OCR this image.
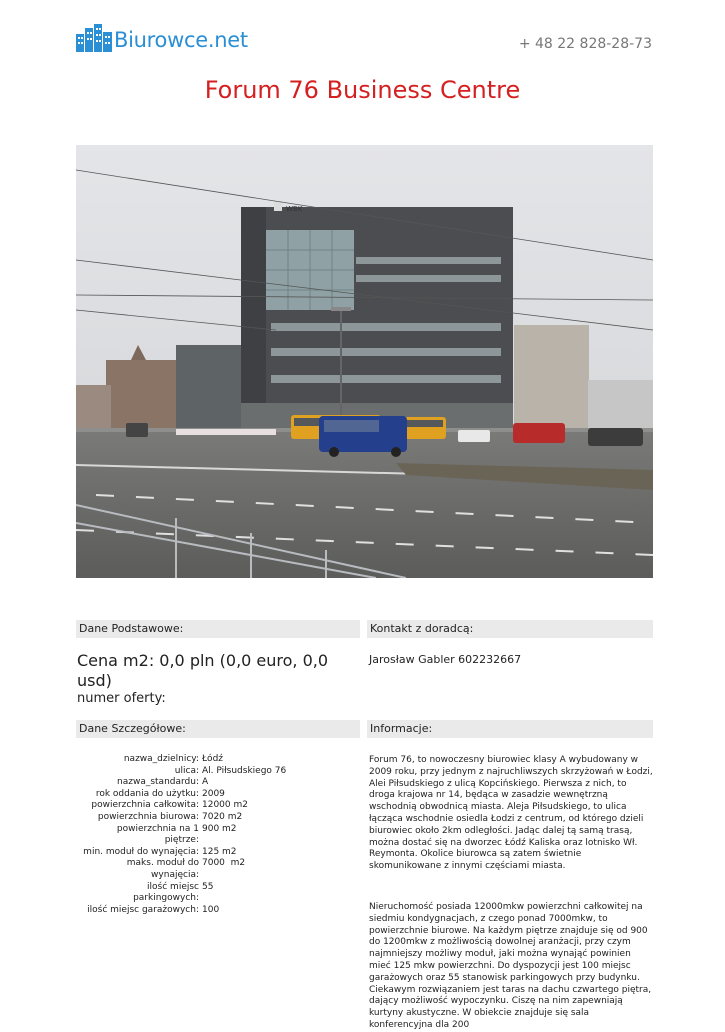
Biurowce.net	+ 48 22 828-28-73
Forum 76 Business Centre
WBK
Dane Podstawowe:	Kontakt z doradcą:
Cena m2: 0,0 pln (0,0 euro, 0,0 usd)
numer oferty:
Jarosław Gabler 602232667
Dane Szczegółowe:	Informacje:
nazwa_dzielnicy: Łódź
ulica: Al. Piłsudskiego 76
nazwa_standardu: A
rok oddania do użytku: 2009
powierzchnia całkowita: 12000 m2
powierzchnia biurowa: 7020 m2
powierzchnia na 1 piętrze:
900 m2
min. moduł do wynajęcia: 125 m2
maks. moduł do wynajęcia:
7000  m2
ilość miejsc parkingowych:
55
ilość miejsc garażowych: 100

Forum 76, to nowoczesny biurowiec klasy A wybudowany w 2009 roku, przy jednym z najruchliwszych skrzyżowań w Łodzi, Alei Piłsudskiego z ulicą Kopcińskiego. Pierwsza z nich, to droga krajowa nr 14, będąca w zasadzie wewnętrzną wschodnią obwodnicą miasta. Aleja Piłsudskiego, to ulica łącząca wschodnie osiedla Łodzi z centrum, od którego dzieli biurowiec około 2km odległości. Jadąc dalej tą samą trasą, można dostać się na dworzec Łódź Kaliska oraz lotnisko Wł. Reymonta. Okolice biurowca są zatem świetnie skomunikowane z innymi częściami miasta.

Nieruchomość posiada 12000mkw powierzchni całkowitej na siedmiu kondygnacjach, z czego ponad 7000mkw, to powierzchnie biurowe. Na każdym piętrze znajduje się od 900 do 1200mkw z możliwością dowolnej aranżacji, przy czym najmniejszy możliwy moduł, jaki można wynająć powinien mieć 125 mkw powierzchni. Do dyspozycji jest 100 miejsc garażowych oraz 55 stanowisk parkingowych przy budynku. Ciekawym rozwiązaniem jest taras na dachu czwartego piętra, dający możliwość wypoczynku. Ciszę na nim zapewniają kurtyny akustyczne. W obiekcie znajduje się sala konferencyjna dla 200
